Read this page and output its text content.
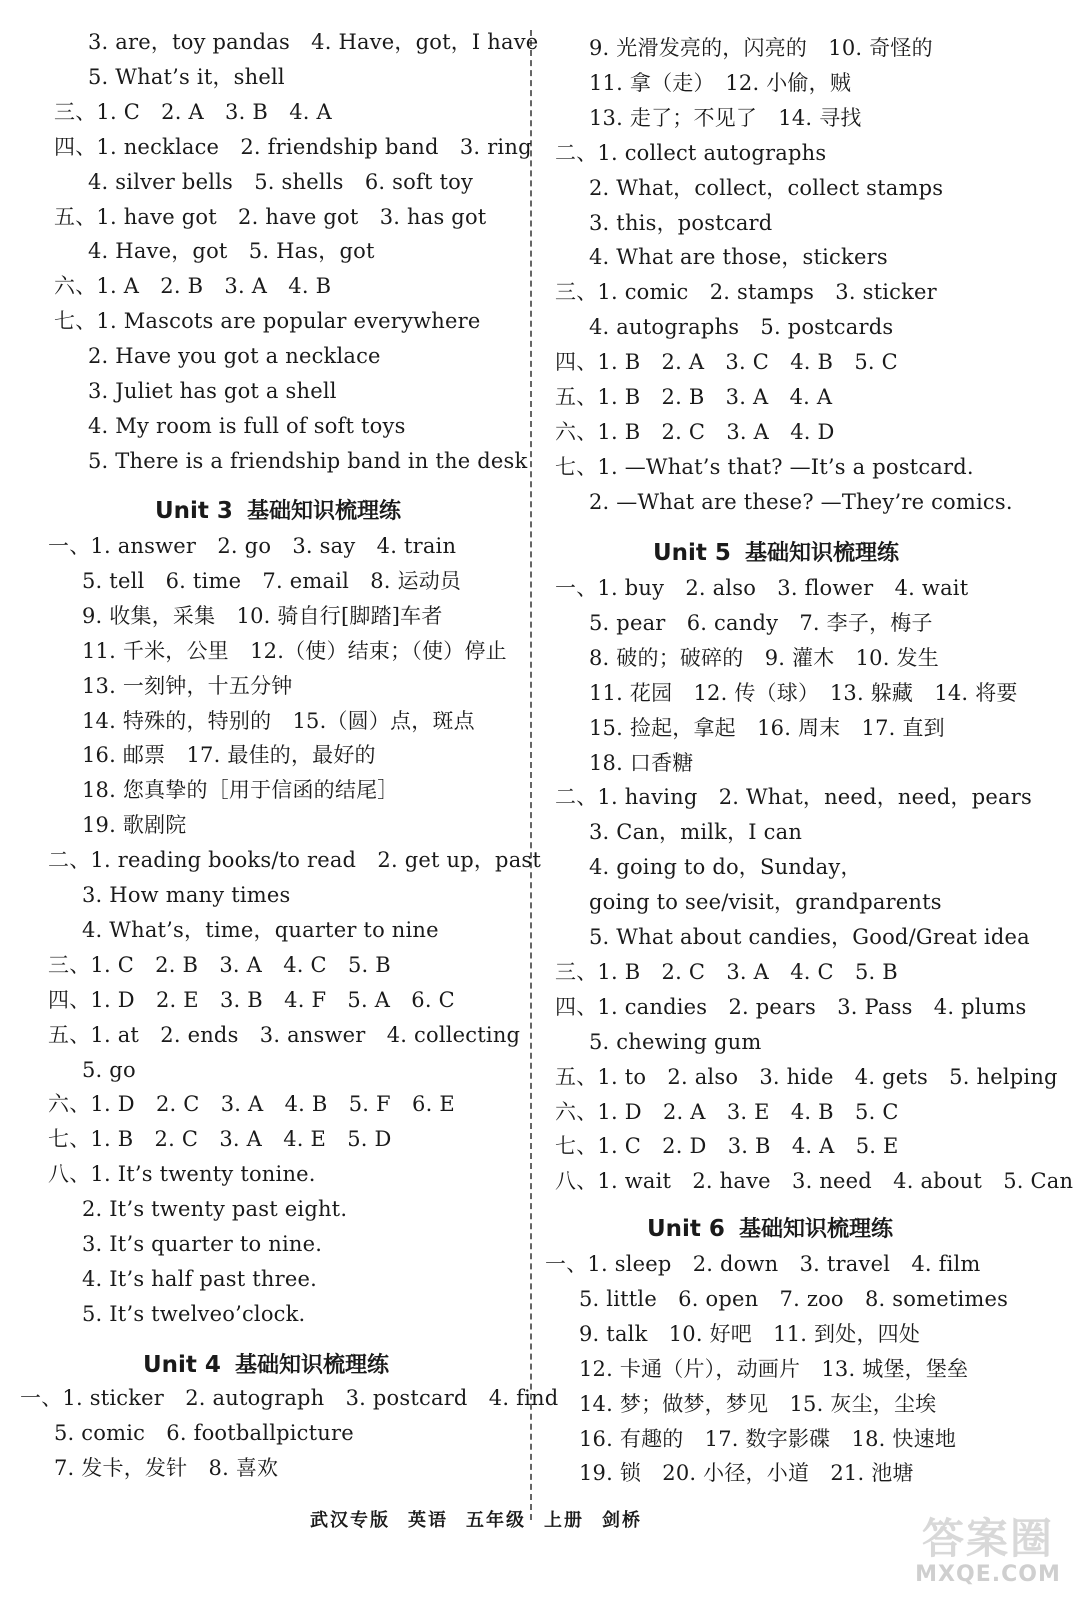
3. are，toy pandas　4. Have，got，I have
5. What’s it，shell
三、1. C　2. A　3. B　4. A
四、1. necklace　2. friendship band　3. ring
4. silver bells　5. shells　6. soft toy
五、1. have got　2. have got　3. has got
4. Have，got　5. Has，got
六、1. A　2. B　3. A　4. B
七、1. Mascots are popular everywhere
2. Have you got a necklace
3. Juliet has got a shell
4. My room is full of soft toys
5. There is a friendship band in the desk
Unit 3 基础知识梳理练
一、1. answer　2. go　3. say　4. train
5. tell　6. time　7. email　8. 运动员
9. 收集，采集　10. 骑自行[脚踏]车者
11. 千米，公里　12.（使）结束；（使）停止
13. 一刻钟，十五分钟
14. 特殊的，特别的　15.（圆）点，斑点
16. 邮票　17. 最佳的，最好的
18. 您真挚的［用于信函的结尾］
19. 歌剧院
二、1. reading books/to read　2. get up，past
3. How many times
4. What’s，time，quarter to nine
三、1. C　2. B　3. A　4. C　5. B
四、1. D　2. E　3. B　4. F　5. A　6. C
五、1. at　2. ends　3. answer　4. collecting
5. go
六、1. D　2. C　3. A　4. B　5. F　6. E
七、1. B　2. C　3. A　4. E　5. D
八、1. It’s twenty tonine.
2. It’s twenty past eight.
3. It’s quarter to nine.
4. It’s half past three.
5. It’s twelveo’clock.
Unit 4 基础知识梳理练
一、1. sticker　2. autograph　3. postcard　4. find
5. comic　6. footballpicture
7. 发卡，发针　8. 喜欢
9. 光滑发亮的，闪亮的　10. 奇怪的
11. 拿（走）　12. 小偷，贼
13. 走了；不见了　14. 寻找
二、1. collect autographs
2. What，collect，collect stamps
3. this，postcard
4. What are those，stickers
三、1. comic　2. stamps　3. sticker
4. autographs　5. postcards
四、1. B　2. A　3. C　4. B　5. C
五、1. B　2. B　3. A　4. A
六、1. B　2. C　3. A　4. D
七、1. —What’s that? —It’s a postcard.
2. —What are these? —They’re comics.
Unit 5 基础知识梳理练
一、1. buy　2. also　3. flower　4. wait
5. pear　6. candy　7. 李子，梅子
8. 破的；破碎的　9. 灌木　10. 发生
11. 花园　12. 传（球）　13. 躲藏　14. 将要
15. 捡起，拿起　16. 周末　17. 直到
18. 口香糖
二、1. having　2. What，need，need，pears
3. Can，milk，I can
4. going to do，Sunday，
going to see/visit，grandparents
5. What about candies，Good/Great idea
三、1. B　2. C　3. A　4. C　5. B
四、1. candies　2. pears　3. Pass　4. plums
5. chewing gum
五、1. to　2. also　3. hide　4. gets　5. helping
六、1. D　2. A　3. E　4. B　5. C
七、1. C　2. D　3. B　4. A　5. E
八、1. wait　2. have　3. need　4. about　5. Can
Unit 6 基础知识梳理练
一、1. sleep　2. down　3. travel　4. film
5. little　6. open　7. zoo　8. sometimes
9. talk　10. 好吧　11. 到处，四处
12. 卡通（片），动画片　13. 城堡，堡垒
14. 梦；做梦，梦见　15. 灰尘，尘埃
16. 有趣的　17. 数字影碟　18. 快速地
19. 锁　20. 小径，小道　21. 池塘
武汉专版 英语 五年级 上册 剑桥	答案圈
MXQE.COM
